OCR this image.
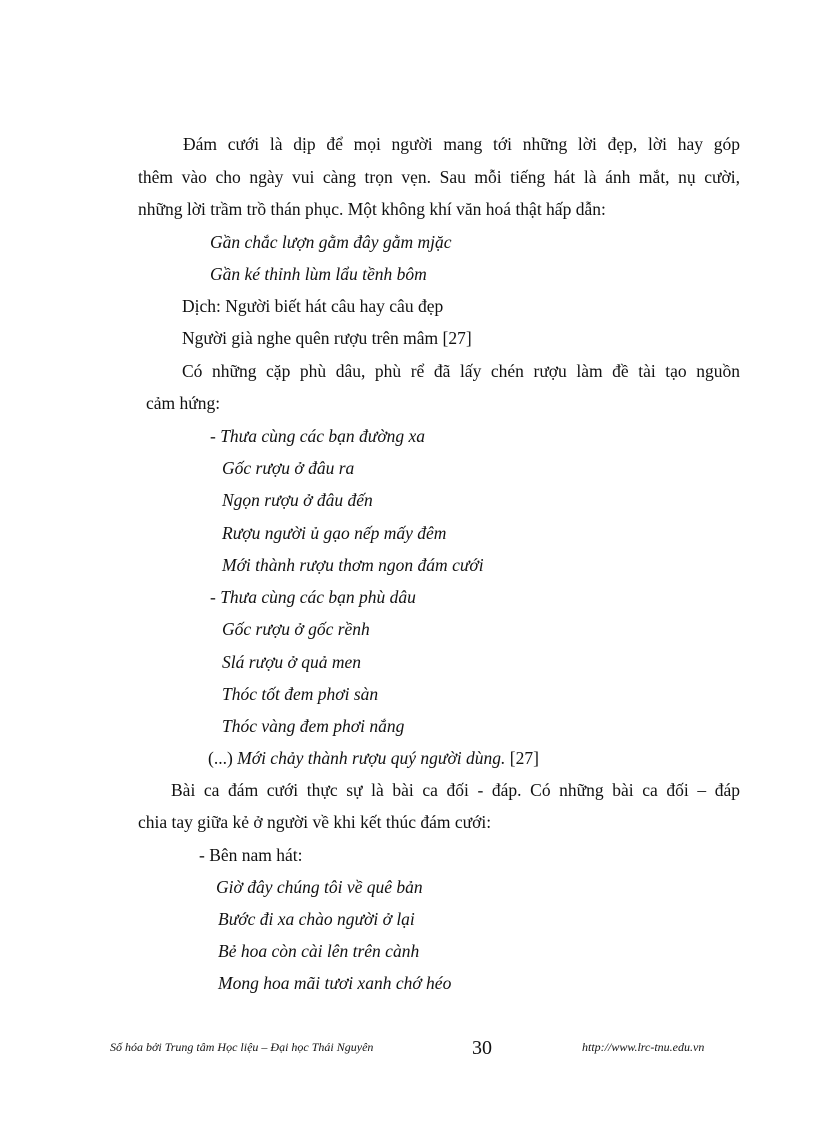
Đám cưới là dịp để mọi người mang tới những lời đẹp, lời hay góp
thêm vào cho ngày vui càng trọn vẹn. Sau mỗi tiếng hát là ánh mắt, nụ cười,
những lời trầm trồ thán phục. Một không khí văn hoá thật hấp dẫn:
Gần chắc lượn gằm đây gằm mjặc
Gần ké thỉnh lùm lẩu tềnh bôm
Dịch: Người biết hát câu hay câu đẹp
Người già nghe quên rượu trên mâm [27]
Có những cặp phù dâu, phù rể đã lấy chén rượu làm đề tài tạo nguồn
cảm hứng:
- Thưa cùng các bạn đường xa
Gốc rượu ở đâu ra
Ngọn rượu ở đâu đến
Rượu người ủ gạo nếp mấy đêm
Mới thành rượu thơm ngon đám cưới
- Thưa cùng các bạn phù dâu
Gốc rượu ở gốc rềnh
Slá rượu ở quả men
Thóc tốt đem phơi sàn
Thóc vàng đem phơi nắng
(...) Mới chảy thành rượu quý người dùng. [27]
Bài ca đám cưới thực sự là bài ca đối - đáp. Có những bài ca đối – đáp
chia tay giữa kẻ ở người về khi kết thúc đám cưới:
- Bên nam hát:
Giờ đây chúng tôi về quê bản
Bước đi xa chào người ở lại
Bẻ hoa còn cài lên trên cành
Mong hoa mãi tươi xanh chớ héo
Số hóa bởi Trung tâm Học liệu – Đại học Thái Nguyên	30	http://www.lrc-tnu.edu.vn
